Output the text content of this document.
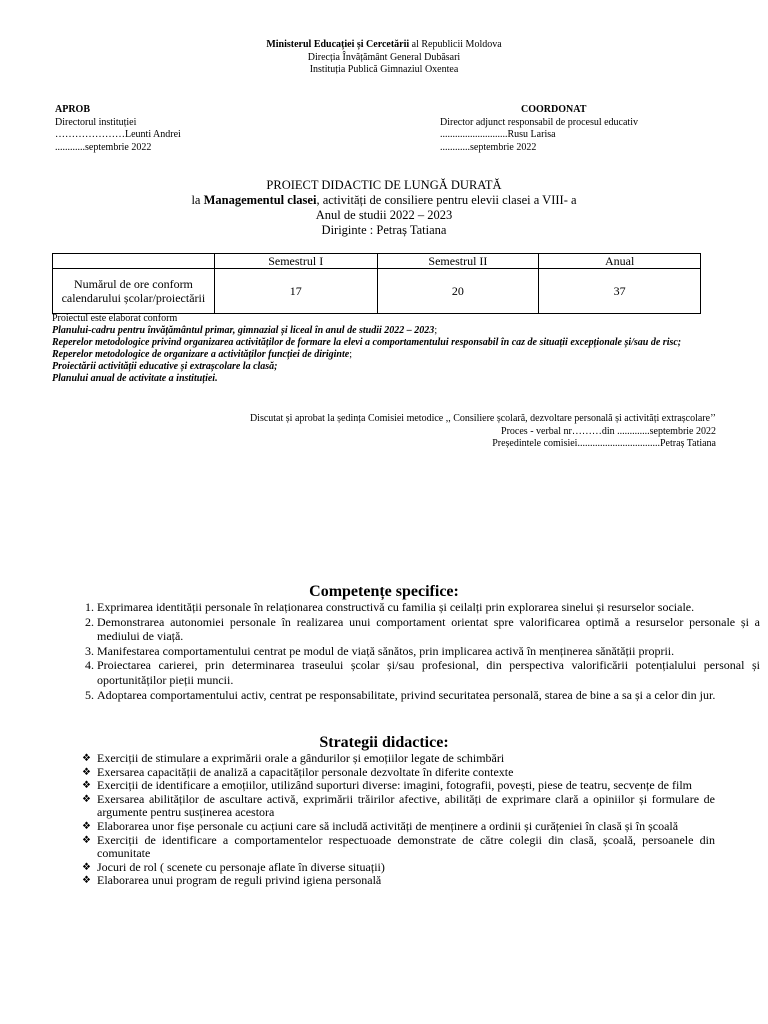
Ministerul Educației și Cercetării al Republicii Moldova
Direcția Învățământ General Dubăsari
Instituția Publică Gimnaziul Oxentea
APROB
Directorul instituției
…………………Leunti Andrei
............septembrie 2022
COORDONAT
Director adjunct responsabil de procesul educativ
...........................Rusu Larisa
............septembrie 2022
PROIECT DIDACTIC DE LUNGĂ DURATĂ
la Managementul clasei, activități de consiliere pentru elevii clasei a VIII- a
Anul de studii 2022 – 2023
Diriginte : Petraș Tatiana
	Semestrul I	Semestrul II	Anual
Numărul de ore conform calendarului școlar/proiectării	17	20	37
Proiectul este elaborat conform
Planului-cadru pentru învățământul primar, gimnazial și liceal în anul de studii 2022 – 2023;
Reperelor metodologice privind organizarea activităților de formare la elevi a comportamentului responsabil în caz de situații excepționale și/sau de risc;
Reperelor metodologice de organizare a activităților funcției de diriginte;
Proiectării activității educative și extrașcolare la clasă;
Planului anual de activitate a instituției.
Discutat și aprobat la ședința Comisiei metodice ,, Consiliere școlară, dezvoltare personală și activități extrașcolare’’
Proces - verbal nr………din .............septembrie 2022
Președintele comisiei.................................Petraș Tatiana
Competențe specifice:
1. Exprimarea identității personale în relaționarea constructivă cu familia și ceilalți prin explorarea sinelui și resurselor sociale.
2. Demonstrarea autonomiei personale în realizarea unui comportament orientat spre valorificarea optimă a resurselor personale și a mediului de viață.
3. Manifestarea comportamentului centrat pe modul de viață sănătos, prin implicarea activă în menținerea sănătății proprii.
4. Proiectarea carierei, prin determinarea traseului școlar și/sau profesional, din perspectiva valorificării potențialului personal și oportunităților pieții muncii.
5. Adoptarea comportamentului activ, centrat pe responsabilitate, privind securitatea personală, starea de bine a sa și a celor din jur.
Strategii didactice:
❖ Exerciții de stimulare a exprimării orale a gândurilor și emoțiilor legate de schimbări
❖ Exersarea capacității de analiză a capacităților personale dezvoltate în diferite contexte
❖ Exerciții de identificare a emoțiilor, utilizând suporturi diverse: imagini, fotografii, povești, piese de teatru, secvențe de film
❖ Exersarea abilităților de ascultare activă, exprimării trăirilor afective, abilități de exprimare clară a opiniilor și formulare de argumente pentru susținerea acestora
❖ Elaborarea unor fișe personale cu acțiuni care să includă activități de menținere a ordinii și curățeniei în clasă și în școală
❖ Exerciții de identificare a comportamentelor respectuoade demonstrate de către colegii din clasă, școală, persoanele din comunitate
❖ Jocuri de rol ( scenete cu personaje aflate în diverse situații)
❖ Elaborarea unui program de reguli privind igiena personală
